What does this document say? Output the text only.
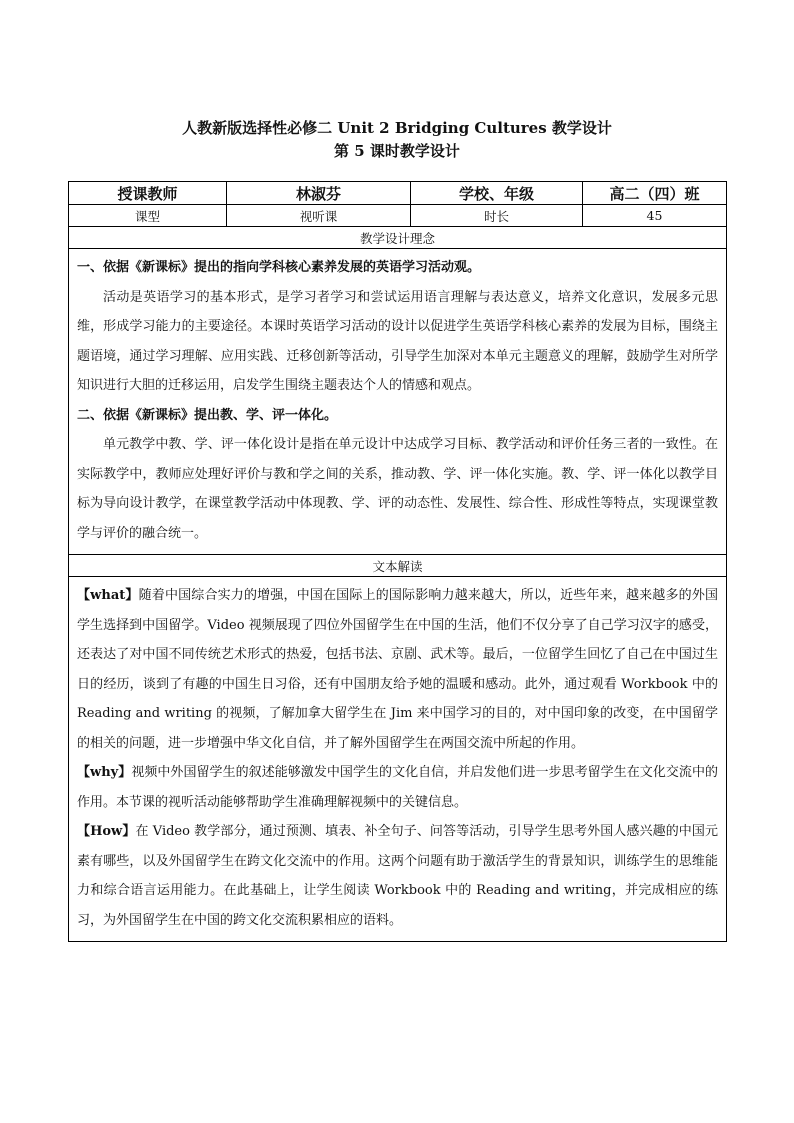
人教新版选择性必修二 Unit 2 Bridging Cultures 教学设计
第 5 课时教学设计
授课教师	林淑芬	学校、年级	高二（四）班
课型	视听课	时长	45
教学设计理念			

一、依据《新课标》提出的指向学科核心素养发展的英语学习活动观。

活动是英语学习的基本形式，是学习者学习和尝试运用语言理解与表达意义，培养文化意识，发展多元思维，形成学习能力的主要途径。本课时英语学习活动的设计以促进学生英语学科核心素养的发展为目标，围绕主题语境，通过学习理解、应用实践、迁移创新等活动，引导学生加深对本单元主题意义的理解，鼓励学生对所学知识进行大胆的迁移运用，启发学生围绕主题表达个人的情感和观点。

二、依据《新课标》提出教、学、评一体化。

单元教学中教、学、评一体化设计是指在单元设计中达成学习目标、教学活动和评价任务三者的一致性。在实际教学中，教师应处理好评价与教和学之间的关系，推动教、学、评一体化实施。教、学、评一体化以教学目标为导向设计教学，在课堂教学活动中体现教、学、评的动态性、发展性、综合性、形成性等特点，实现课堂教学与评价的融合统一。			

文本解读			

【what】随着中国综合实力的增强，中国在国际上的国际影响力越来越大，所以，近些年来，越来越多的外国学生选择到中国留学。Video 视频展现了四位外国留学生在中国的生活，他们不仅分享了自己学习汉字的感受，还表达了对中国不同传统艺术形式的热爱，包括书法、京剧、武术等。最后，一位留学生回忆了自己在中国过生日的经历，谈到了有趣的中国生日习俗，还有中国朋友给予她的温暖和感动。此外，通过观看 Workbook 中的 Reading and writing 的视频，了解加拿大留学生在 Jim 来中国学习的目的，对中国印象的改变，在中国留学的相关的问题，进一步增强中华文化自信，并了解外国留学生在两国交流中所起的作用。

【why】视频中外国留学生的叙述能够激发中国学生的文化自信，并启发他们进一步思考留学生在文化交流中的作用。本节课的视听活动能够帮助学生准确理解视频中的关键信息。

【How】在 Video 教学部分，通过预测、填表、补全句子、问答等活动，引导学生思考外国人感兴趣的中国元素有哪些，以及外国留学生在跨文化交流中的作用。这两个问题有助于激活学生的背景知识，训练学生的思维能力和综合语言运用能力。在此基础上，让学生阅读 Workbook 中的 Reading and writing，并完成相应的练习，为外国留学生在中国的跨文化交流积累相应的语料。			
